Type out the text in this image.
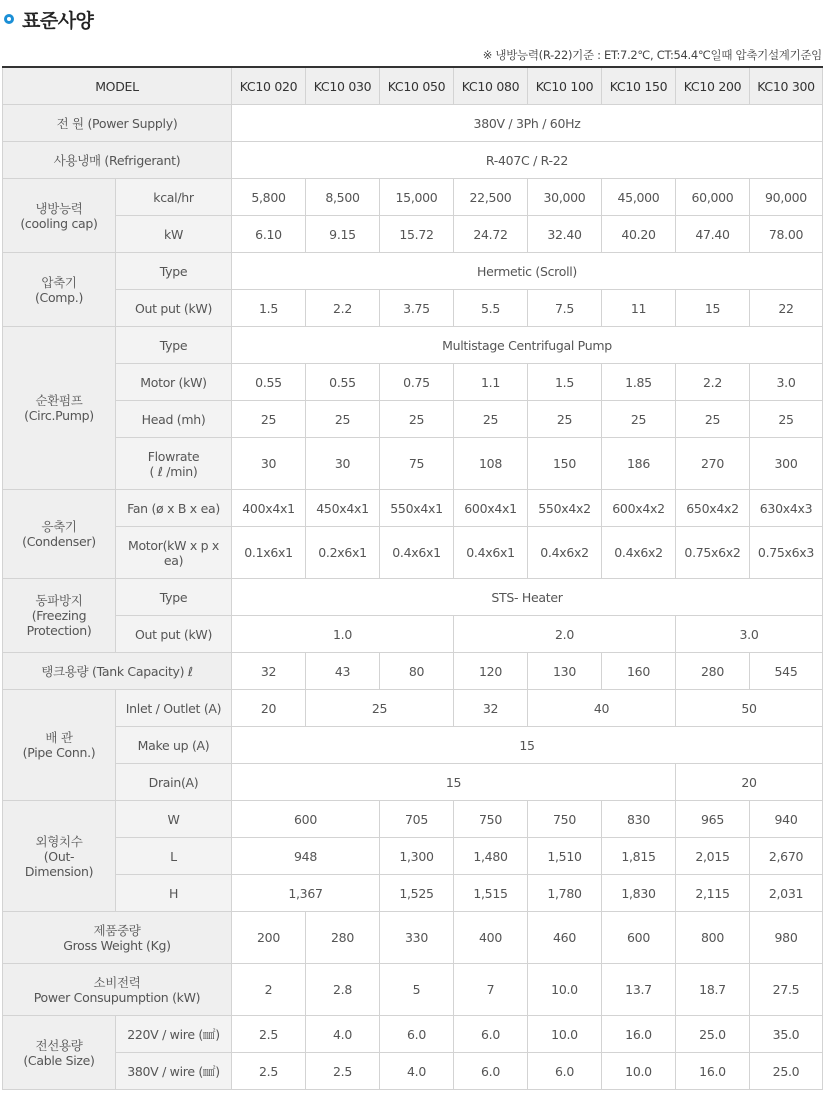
표준사양
※ 냉방능력(R-22)기준 : ET:7.2℃, CT:54.4℃일때 압축기설계기준임
MODEL		KC10 020	KC10 030	KC10 050	KC10 080	KC10 100	KC10 150	KC10 200	KC10 300
전 원 (Power Supply)		380V / 3Ph / 60Hz							
사용냉매 (Refrigerant)		R-407C / R-22							
냉방능력
(cooling cap)	kcal/hr	5,800	8,500	15,000	22,500	30,000	45,000	60,000	90,000
	kW	6.10	9.15	15.72	24.72	32.40	40.20	47.40	78.00
압축기
(Comp.)	Type	Hermetic (Scroll)							
	Out put (kW)	1.5	2.2	3.75	5.5	7.5	11	15	22
순환펌프
(Circ.Pump)	Type	Multistage Centrifugal Pump							
	Motor (kW)	0.55	0.55	0.75	1.1	1.5	1.85	2.2	3.0
	Head (mh)	25	25	25	25	25	25	25	25
	Flowrate
( ℓ /min)	30	30	75	108	150	186	270	300
응축기
(Condenser)	Fan (ø x B x ea)	400x4x1	450x4x1	550x4x1	600x4x1	550x4x2	600x4x2	650x4x2	630x4x3
	Motor(kW x p x
ea)	0.1x6x1	0.2x6x1	0.4x6x1	0.4x6x1	0.4x6x2	0.4x6x2	0.75x6x2	0.75x6x3
동파방지
(Freezing
Protection)	Type	STS- Heater							
	Out put (kW)	1.0			2.0			3.0	
탱크용량 (Tank Capacity) ℓ		32	43	80	120	130	160	280	545
배 관
(Pipe Conn.)	Inlet / Outlet (A)	20	25		32	40		50	
	Make up (A)	15							
	Drain(A)	15						20	
외형치수
(Out-
Dimension)	W	600		705	750	750	830	965	940
	L	948		1,300	1,480	1,510	1,815	2,015	2,670
	H	1,367		1,525	1,515	1,780	1,830	2,115	2,031
제품중량
Gross Weight (Kg)		200	280	330	400	460	600	800	980
소비전력
Power Consupumption (kW)		2	2.8	5	7	10.0	13.7	18.7	27.5
전선용량
(Cable Size)	220V / wire (㎟)	2.5	4.0	6.0	6.0	10.0	16.0	25.0	35.0
	380V / wire (㎟)	2.5	2.5	4.0	6.0	6.0	10.0	16.0	25.0
